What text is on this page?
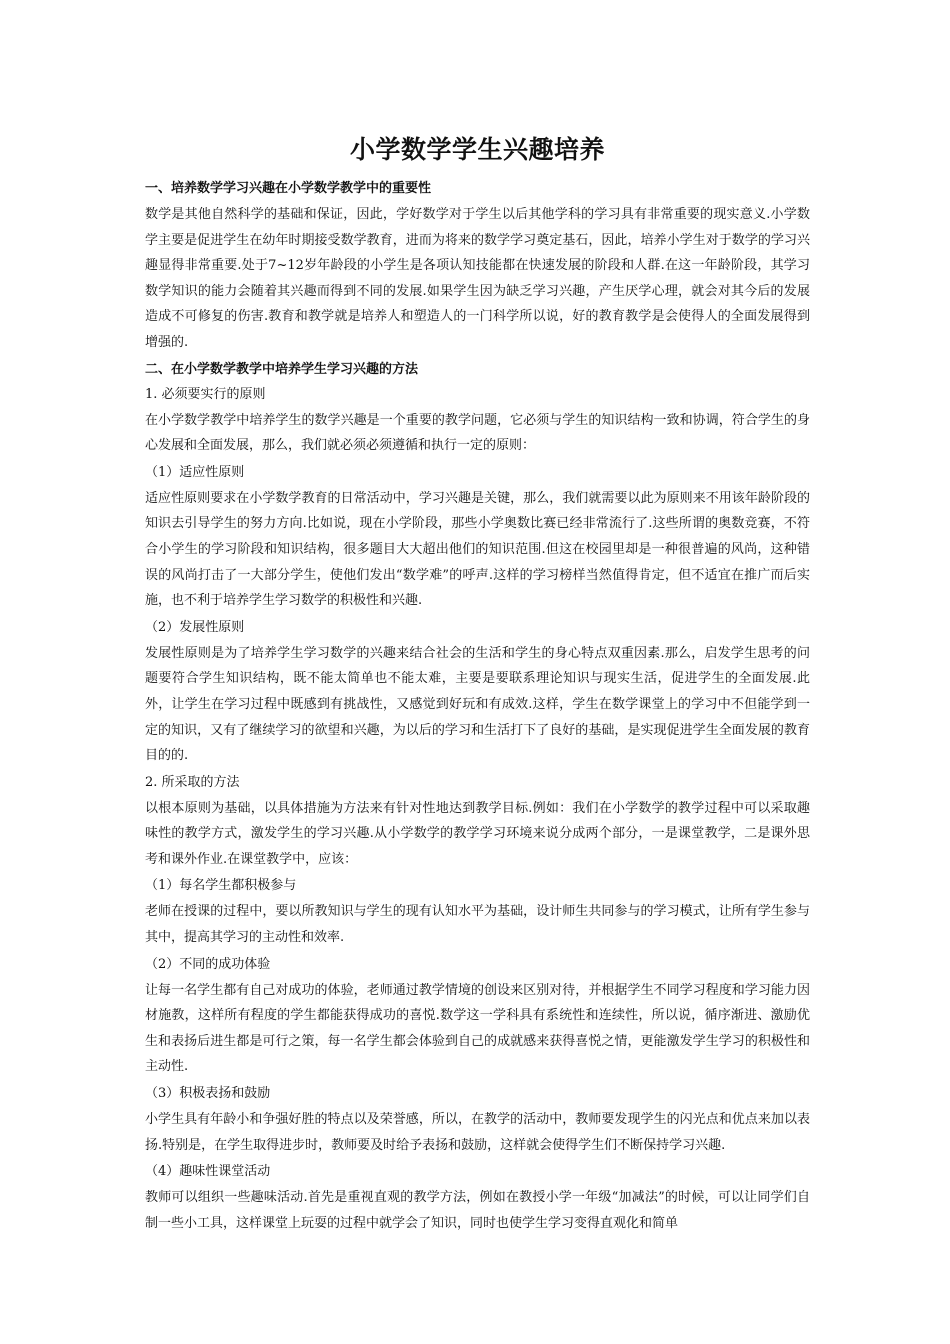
小学数学学生兴趣培养
一、培养数学学习兴趣在小学数学教学中的重要性
数学是其他自然科学的基础和保证，因此，学好数学对于学生以后其他学科的学习具有非常重要的现实意义.小学数学主要是促进学生在幼年时期接受数学教育，进而为将来的数学学习奠定基石，因此，培养小学生对于数学的学习兴趣显得非常重要.处于7~12岁年龄段的小学生是各项认知技能都在快速发展的阶段和人群.在这一年龄阶段，其学习数学知识的能力会随着其兴趣而得到不同的发展.如果学生因为缺乏学习兴趣，产生厌学心理，就会对其今后的发展造成不可修复的伤害.教育和教学就是培养人和塑造人的一门科学所以说，好的教育教学是会使得人的全面发展得到增强的.
二、在小学数学教学中培养学生学习兴趣的方法
1. 必须要实行的原则
在小学数学教学中培养学生的数学兴趣是一个重要的教学问题，它必须与学生的知识结构一致和协调，符合学生的身心发展和全面发展，那么，我们就必须必须遵循和执行一定的原则：
（1）适应性原则
适应性原则要求在小学数学教育的日常活动中，学习兴趣是关键，那么，我们就需要以此为原则来不用该年龄阶段的知识去引导学生的努力方向.比如说，现在小学阶段，那些小学奥数比赛已经非常流行了.这些所谓的奥数竞赛，不符合小学生的学习阶段和知识结构，很多题目大大超出他们的知识范围.但这在校园里却是一种很普遍的风尚，这种错误的风尚打击了一大部分学生，使他们发出“数学难”的呼声.这样的学习榜样当然值得肯定，但不适宜在推广而后实施，也不利于培养学生学习数学的积极性和兴趣.
（2）发展性原则
发展性原则是为了培养学生学习数学的兴趣来结合社会的生活和学生的身心特点双重因素.那么，启发学生思考的问题要符合学生知识结构，既不能太简单也不能太难，主要是要联系理论知识与现实生活，促进学生的全面发展.此外，让学生在学习过程中既感到有挑战性，又感觉到好玩和有成效.这样，学生在数学课堂上的学习中不但能学到一定的知识，又有了继续学习的欲望和兴趣，为以后的学习和生活打下了良好的基础，是实现促进学生全面发展的教育目的的.
2. 所采取的方法
以根本原则为基础，以具体措施为方法来有针对性地达到教学目标.例如：我们在小学数学的教学过程中可以采取趣味性的教学方式，激发学生的学习兴趣.从小学数学的教学学习环境来说分成两个部分，一是课堂教学，二是课外思考和课外作业.在课堂教学中，应该：
（1）每名学生都积极参与
老师在授课的过程中，要以所教知识与学生的现有认知水平为基础，设计师生共同参与的学习模式，让所有学生参与其中，提高其学习的主动性和效率.
（2）不同的成功体验
让每一名学生都有自己对成功的体验，老师通过教学情境的创设来区别对待，并根据学生不同学习程度和学习能力因材施教，这样所有程度的学生都能获得成功的喜悦.数学这一学科具有系统性和连续性，所以说，循序渐进、激励优生和表扬后进生都是可行之策，每一名学生都会体验到自己的成就感来获得喜悦之情，更能激发学生学习的积极性和主动性.
（3）积极表扬和鼓励
小学生具有年龄小和争强好胜的特点以及荣誉感，所以，在教学的活动中，教师要发现学生的闪光点和优点来加以表扬.特别是，在学生取得进步时，教师要及时给予表扬和鼓励，这样就会使得学生们不断保持学习兴趣.
（4）趣味性课堂活动
教师可以组织一些趣味活动.首先是重视直观的教学方法，例如在教授小学一年级“加减法”的时候，可以让同学们自制一些小工具，这样课堂上玩耍的过程中就学会了知识，同时也使学生学习变得直观化和简单
